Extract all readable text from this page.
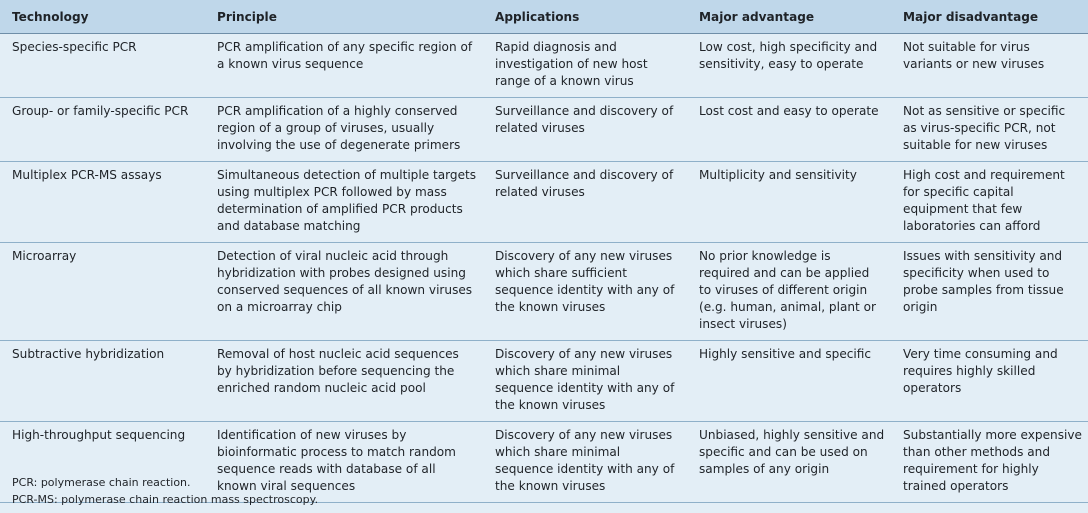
Technology	Principle	Applications	Major advantage	Major disadvantage
Species-specific PCR	PCR amplification of any specific region of a known virus sequence	Rapid diagnosis and investigation of new host range of a known virus	Low cost, high specificity and sensitivity, easy to operate	Not suitable for virus variants or new viruses
Group- or family-specific PCR	PCR amplification of a highly conserved region of a group of viruses, usually involving the use of degenerate primers	Surveillance and discovery of related viruses	Lost cost and easy to operate	Not as sensitive or specific as virus-specific PCR, not suitable for new viruses
Multiplex PCR-MS assays	Simultaneous detection of multiple targets using multiplex PCR followed by mass determination of amplified PCR products and database matching	Surveillance and discovery of related viruses	Multiplicity and sensitivity	High cost and requirement for specific capital equipment that few laboratories can afford
Microarray	Detection of viral nucleic acid through hybridization with probes designed using conserved sequences of all known viruses on a microarray chip	Discovery of any new viruses which share sufficient sequence identity with any of the known viruses	No prior knowledge is required and can be applied to viruses of different origin (e.g. human, animal, plant or insect viruses)	Issues with sensitivity and specificity when used to probe samples from tissue origin
Subtractive hybridization	Removal of host nucleic acid sequences by hybridization before sequencing the enriched random nucleic acid pool	Discovery of any new viruses which share minimal sequence identity with any of the known viruses	Highly sensitive and specific	Very time consuming and requires highly skilled operators
High-throughput sequencing	Identification of new viruses by bioinformatic process to match random sequence reads with database of all known viral sequences	Discovery of any new viruses which share minimal sequence identity with any of the known viruses	Unbiased, highly sensitive and specific and can be used on samples of any origin	Substantially more expensive than other methods and requirement for highly trained operators
PCR: polymerase chain reaction.
PCR-MS: polymerase chain reaction mass spectroscopy.
